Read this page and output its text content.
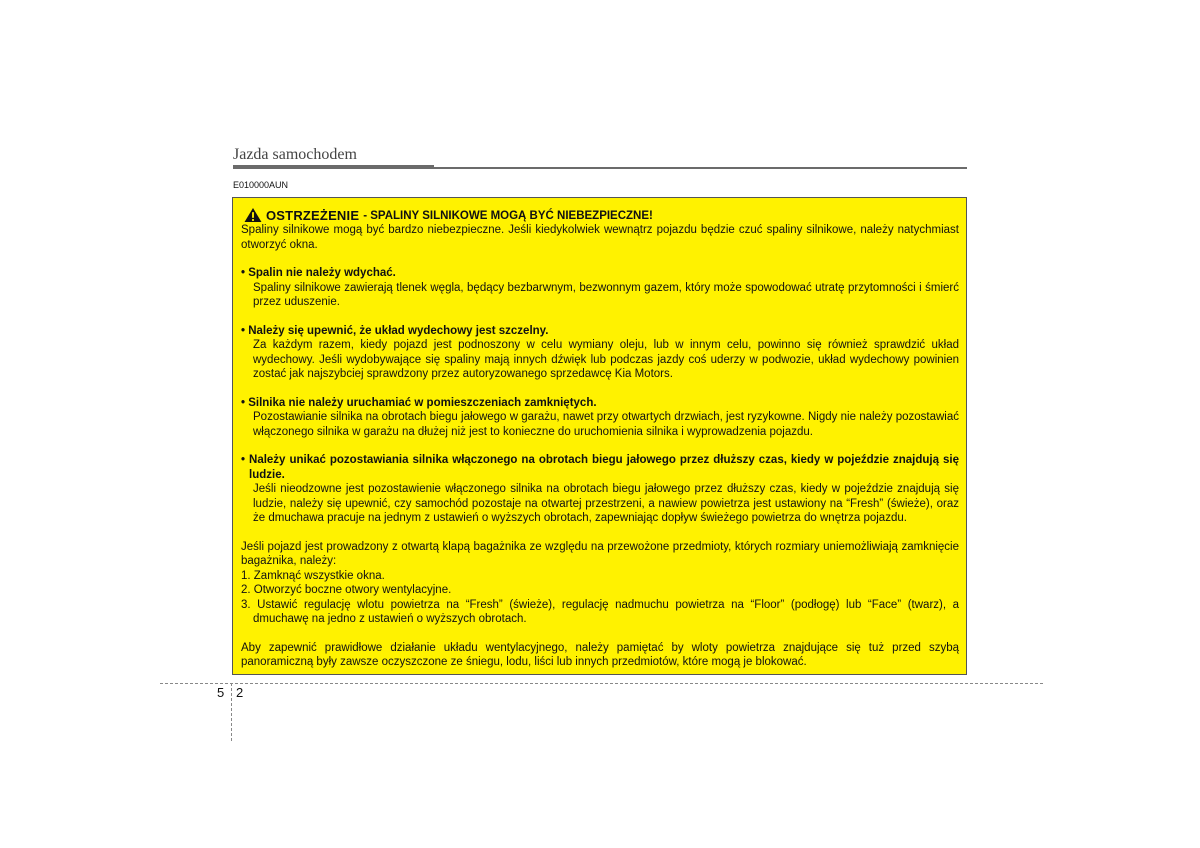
Jazda samochodem
E010000AUN
OSTRZEŻENIE - SPALINY SILNIKOWE MOGĄ BYĆ NIEBEZPIECZNE!

Spaliny silnikowe mogą być bardzo niebezpieczne. Jeśli kiedykolwiek wewnątrz pojazdu będzie czuć spaliny silnikowe, należy natychmiast otworzyć okna.

• Spalin nie należy wdychać.

Spaliny silnikowe zawierają tlenek węgla, będący bezbarwnym, bezwonnym gazem, który może spowodować utratę przytomności i śmierć przez uduszenie.

• Należy się upewnić, że układ wydechowy jest szczelny.

Za każdym razem, kiedy pojazd jest podnoszony w celu wymiany oleju, lub w innym celu, powinno się również sprawdzić układ wydechowy. Jeśli wydobywające się spaliny mają innych dźwięk lub podczas jazdy coś uderzy w podwozie, układ wydechowy powinien zostać jak najszybciej sprawdzony przez autoryzowanego sprzedawcę Kia Motors.

• Silnika nie należy uruchamiać w pomieszczeniach zamkniętych.

Pozostawianie silnika na obrotach biegu jałowego w garażu, nawet przy otwartych drzwiach, jest ryzykowne. Nigdy nie należy pozostawiać włączonego silnika w garażu na dłużej niż jest to konieczne do uruchomienia silnika i wyprowadzenia pojazdu.

• Należy unikać pozostawiania silnika włączonego na obrotach biegu jałowego przez dłuższy czas, kiedy w pojeździe znajdują się ludzie.

Jeśli nieodzowne jest pozostawienie włączonego silnika na obrotach biegu jałowego przez dłuższy czas, kiedy w pojeździe znajdują się ludzie, należy się upewnić, czy samochód pozostaje na otwartej przestrzeni, a nawiew powietrza jest ustawiony na “Fresh” (świeże), oraz że dmuchawa pracuje na jednym z ustawień o wyższych obrotach, zapewniając dopływ świeżego powietrza do wnętrza pojazdu.

Jeśli pojazd jest prowadzony z otwartą klapą bagażnika ze względu na przewożone przedmioty, których rozmiary uniemożliwiają zamknięcie bagażnika, należy:

1. Zamknąć wszystkie okna.

2. Otworzyć boczne otwory wentylacyjne.

3. Ustawić regulację wlotu powietrza na “Fresh” (świeże), regulację nadmuchu powietrza na “Floor” (podłogę) lub “Face” (twarz), a dmuchawę na jedno z ustawień o wyższych obrotach.

Aby zapewnić prawidłowe działanie układu wentylacyjnego, należy pamiętać by wloty powietrza znajdujące się tuż przed szybą panoramiczną były zawsze oczyszczone ze śniegu, lodu, liści lub innych przedmiotów, które mogą je blokować.

5 2
